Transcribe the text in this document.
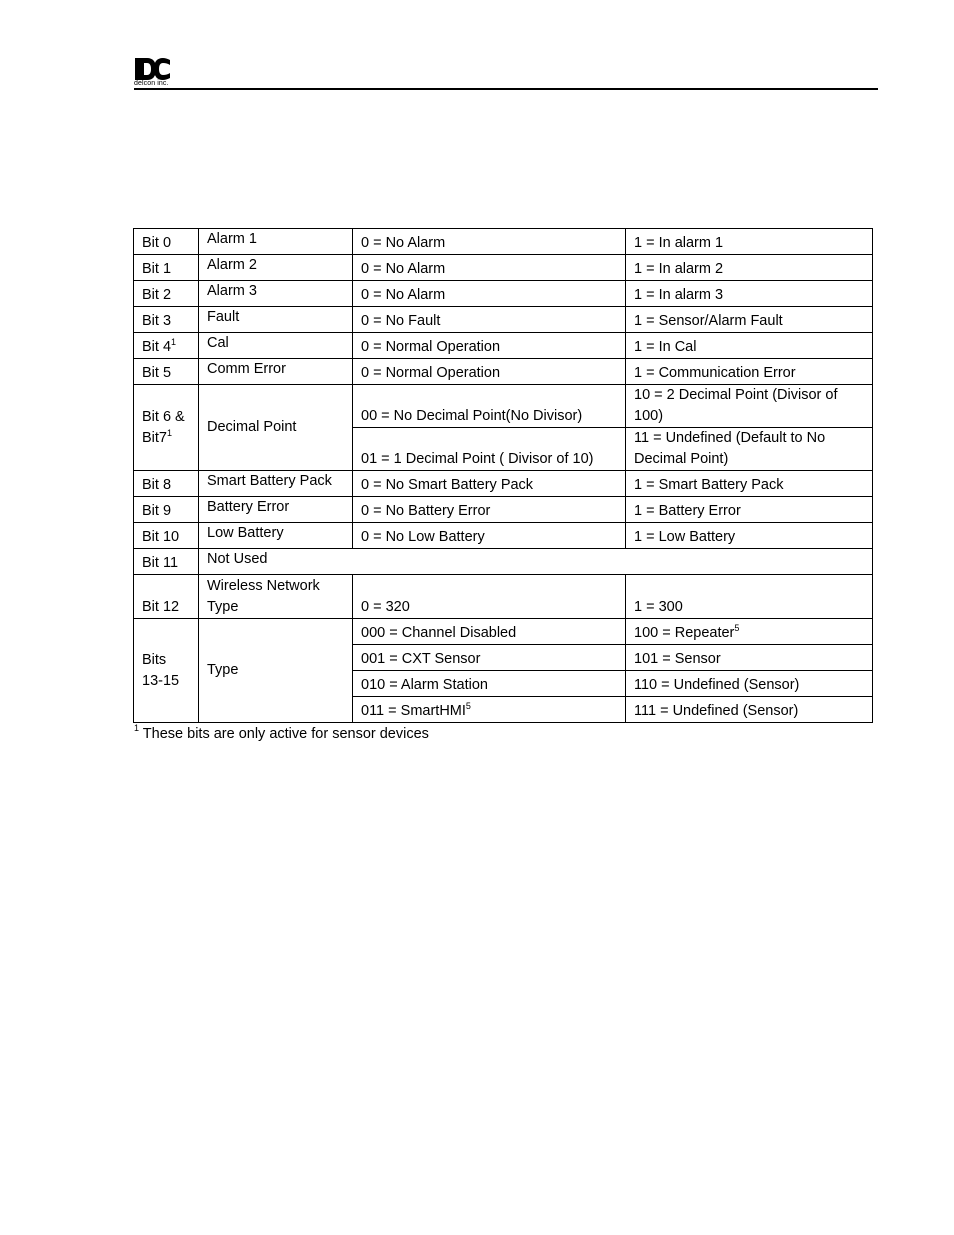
delcon inc.
Bit 0	Alarm 1	0 = No Alarm	1 = In alarm 1
Bit 1	Alarm 2	0 = No Alarm	1 = In alarm 2
Bit 2	Alarm 3	0 = No Alarm	1 = In alarm 3
Bit 3	Fault	0 = No Fault	1 = Sensor/Alarm Fault
Bit $4^1$	Cal	0 = Normal Operation	1 = In Cal
Bit 5	Comm Error	0 = Normal Operation	1 = Communication Error
Bit 6 & $Bit7^1$	Decimal Point	00 = No Decimal Point(No Divisor)	10 = 2 Decimal Point (Divisor of 100)
		01 = 1 Decimal Point ( Divisor of 10)	11 = Undefined (Default to No Decimal Point)
Bit 8	Smart Battery Pack	0 = No Smart Battery Pack	1 = Smart Battery Pack
Bit 9	Battery Error	0 = No Battery Error	1 = Battery Error
Bit 10	Low Battery	0 = No Low Battery	1 = Low Battery
Bit 11	Not Used		
Bit 12	Wireless Network Type	0 = 320	1 = 300
Bits 13-15	Type	000 = Channel Disabled	100 = Repeater$^5$
		001 = CXT Sensor	101 = Sensor
		010 = Alarm Station	110 = Undefined (Sensor)
		011 = SmartHMI$^5$	111 = Undefined (Sensor)
$^1$ These bits are only active for sensor devices
